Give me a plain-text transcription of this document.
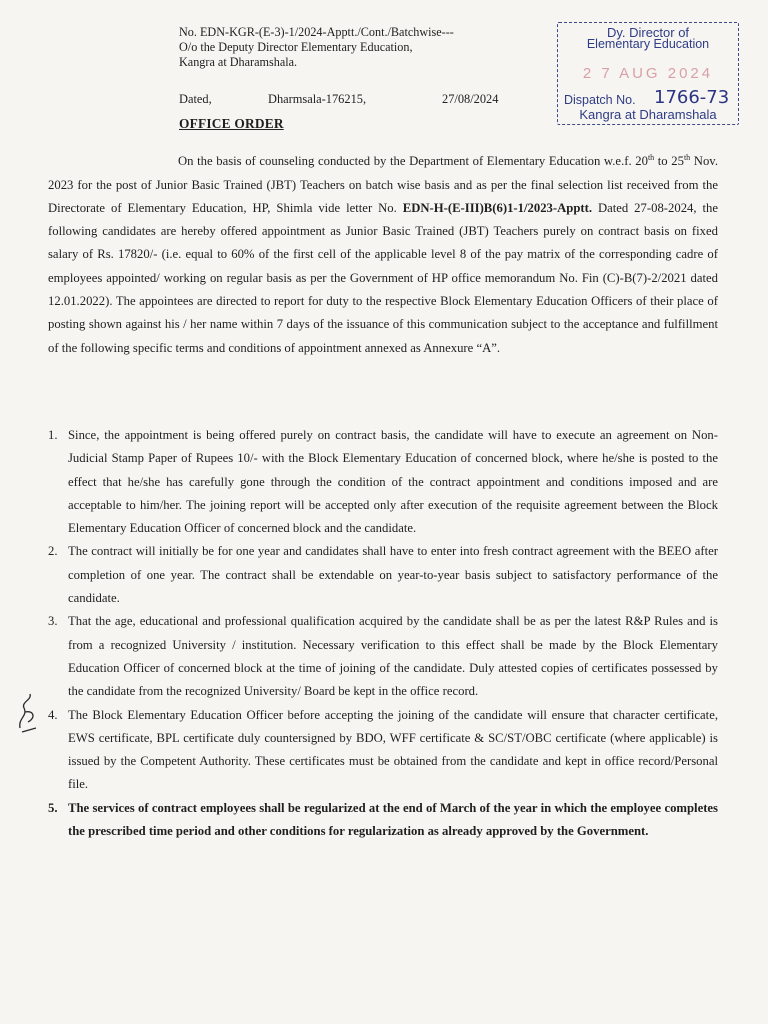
No. EDN-KGR-(E-3)-1/2024-Apptt./Cont./Batchwise---
O/o the Deputy Director Elementary Education,
Kangra at Dharamshala.
Dated,	Dharmsala-176215,	27/08/2024
Dy. Director of
Elementary Education
2 7 AUG 2024
Dispatch No. 1766-73
Kangra at Dharamshala
OFFICE ORDER
On the basis of counseling conducted by the Department of Elementary Education w.e.f. 20th to 25th Nov. 2023 for the post of Junior Basic Trained (JBT) Teachers on batch wise basis and as per the final selection list received from the Directorate of Elementary Education, HP, Shimla vide letter No. EDN-H-(E-III)B(6)1-1/2023-Apptt. Dated 27-08-2024, the following candidates are hereby offered appointment as Junior Basic Trained (JBT) Teachers purely on contract basis on fixed salary of Rs. 17820/- (i.e. equal to 60% of the first cell of the applicable level 8 of the pay matrix of the corresponding cadre of employees appointed/ working on regular basis as per the Government of HP office memorandum No. Fin (C)-B(7)-2/2021 dated 12.01.2022). The appointees are directed to report for duty to the respective Block Elementary Education Officers of their place of posting shown against his / her name within 7 days of the issuance of this communication subject to the acceptance and fulfillment of the following specific terms and conditions of appointment annexed as Annexure “A”.
1. Since, the appointment is being offered purely on contract basis, the candidate will have to execute an agreement on Non-Judicial Stamp Paper of Rupees 10/- with the Block Elementary Education of concerned block, where he/she is posted to the effect that he/she has carefully gone through the condition of the contract appointment and conditions imposed and are acceptable to him/her. The joining report will be accepted only after execution of the requisite agreement between the Block Elementary Education Officer of concerned block and the candidate.
2. The contract will initially be for one year and candidates shall have to enter into fresh contract agreement with the BEEO after completion of one year. The contract shall be extendable on year-to-year basis subject to satisfactory performance of the candidate.
3. That the age, educational and professional qualification acquired by the candidate shall be as per the latest R&P Rules and is from a recognized University / institution. Necessary verification to this effect shall be made by the Block Elementary Education Officer of concerned block at the time of joining of the candidate. Duly attested copies of certificates possessed by the candidate from the recognized University/ Board be kept in the office record.
4. The Block Elementary Education Officer before accepting the joining of the candidate will ensure that character certificate, EWS certificate, BPL certificate duly countersigned by BDO, WFF certificate & SC/ST/OBC certificate (where applicable) is issued by the Competent Authority. These certificates must be obtained from the candidate and kept in office record/Personal file.
5. The services of contract employees shall be regularized at the end of March of the year in which the employee completes the prescribed time period and other conditions for regularization as already approved by the Government.
